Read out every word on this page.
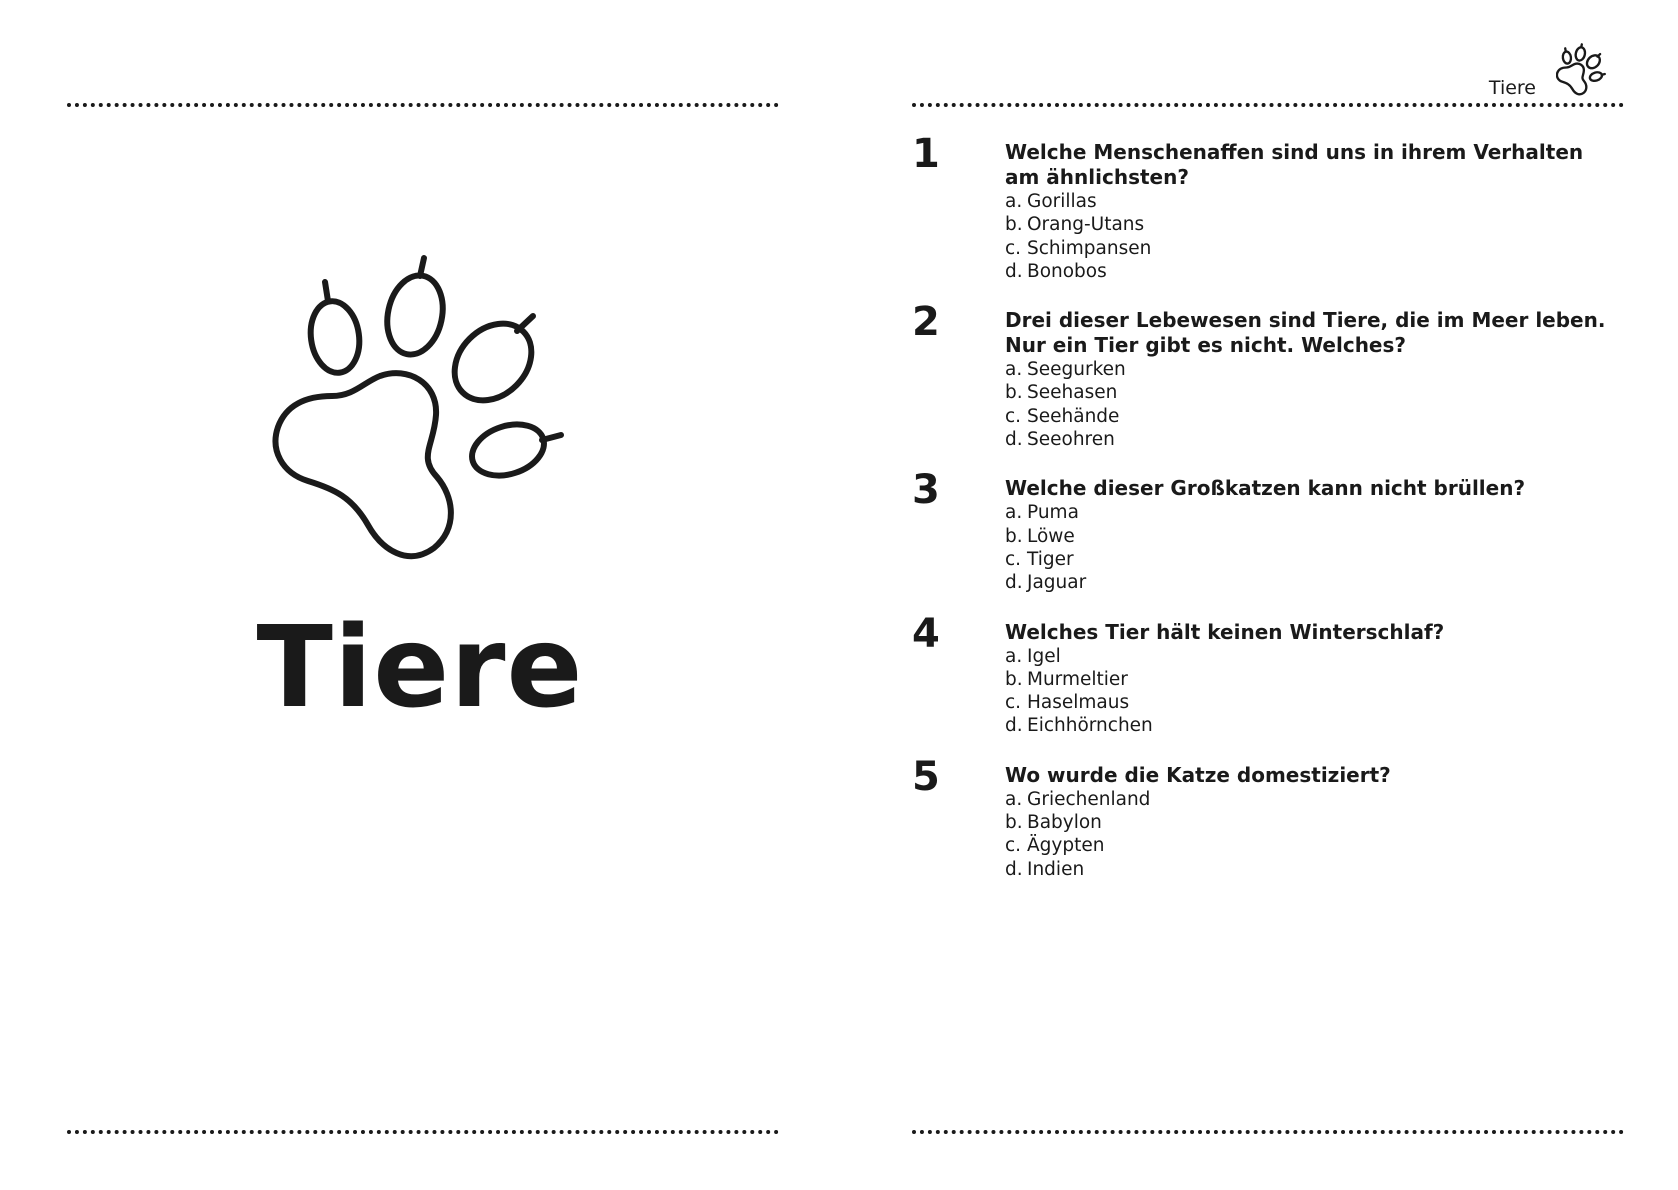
Tiere
Tiere
1	Welche Menschenaffen sind uns in ihrem Verhalten am ähnlichsten?
a. Gorillas
b. Orang-Utans
c. Schimpansen
d. Bonobos
2	Drei dieser Lebewesen sind Tiere, die im Meer leben. Nur ein Tier gibt es nicht. Welches?
a. Seegurken
b. Seehasen
c. Seehände
d. Seeohren
3	Welche dieser Großkatzen kann nicht brüllen?
a. Puma
b. Löwe
c. Tiger
d. Jaguar
4	Welches Tier hält keinen Winterschlaf?
a. Igel
b. Murmeltier
c. Haselmaus
d. Eichhörnchen
5	Wo wurde die Katze domestiziert?
a. Griechenland
b. Babylon
c. Ägypten
d. Indien
